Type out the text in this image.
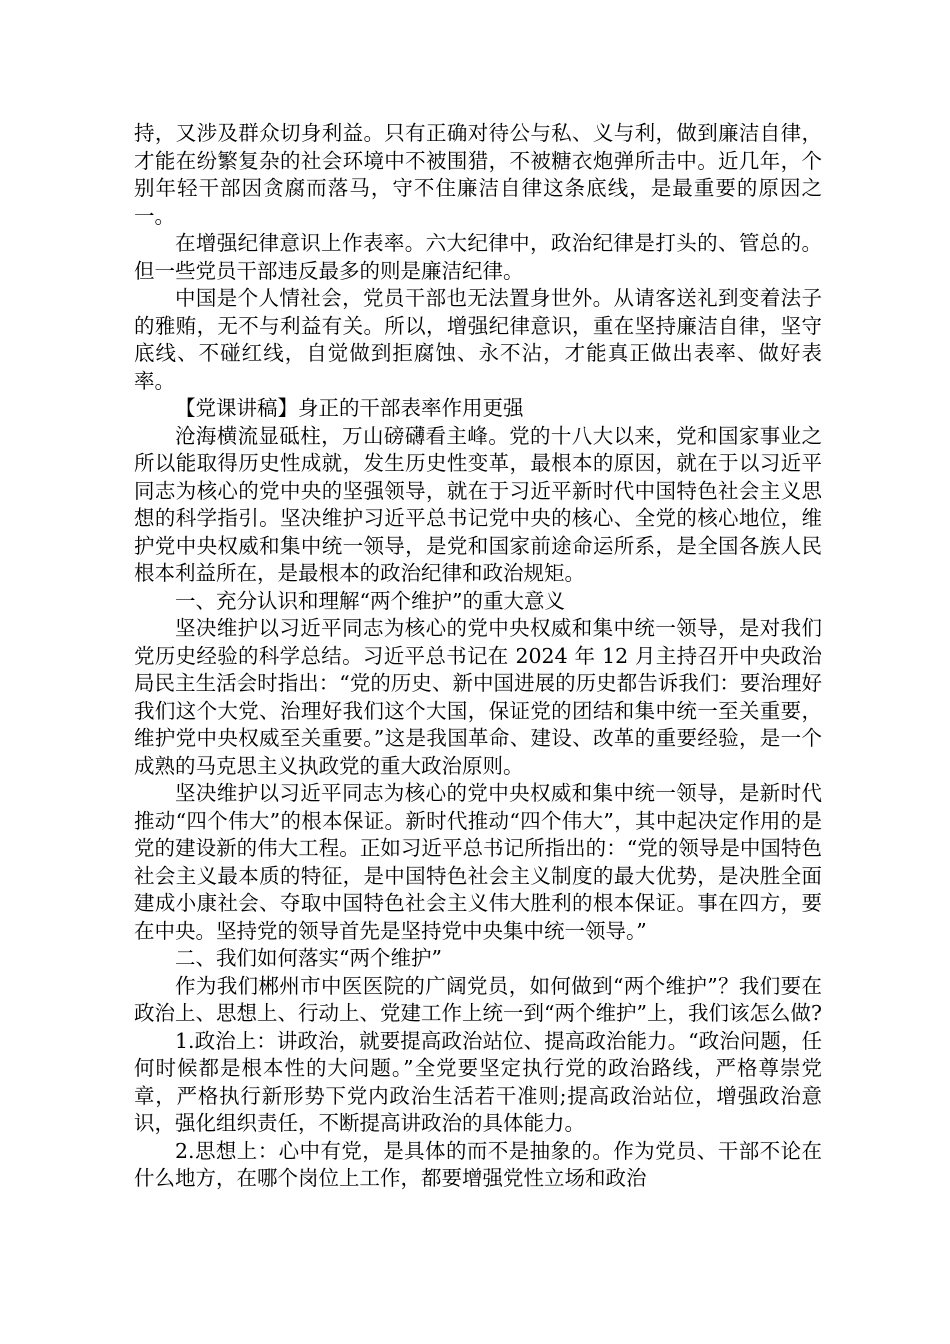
持，又涉及群众切身利益。只有正确对待公与私、义与利，做到廉洁自律，才能在纷繁复杂的社会环境中不被围猎，不被糖衣炮弹所击中。近几年，个别年轻干部因贪腐而落马，守不住廉洁自律这条底线，是最重要的原因之一。

在增强纪律意识上作表率。六大纪律中，政治纪律是打头的、管总的。但一些党员干部违反最多的则是廉洁纪律。

中国是个人情社会，党员干部也无法置身世外。从请客送礼到变着法子的雅贿，无不与利益有关。所以，增强纪律意识，重在坚持廉洁自律，坚守底线、不碰红线，自觉做到拒腐蚀、永不沾，才能真正做出表率、做好表率。

【党课讲稿】身正的干部表率作用更强

沧海横流显砥柱，万山磅礴看主峰。党的十八大以来，党和国家事业之所以能取得历史性成就，发生历史性变革，最根本的原因，就在于以习近平同志为核心的党中央的坚强领导，就在于习近平新时代中国特色社会主义思想的科学指引。坚决维护习近平总书记党中央的核心、全党的核心地位，维护党中央权威和集中统一领导，是党和国家前途命运所系，是全国各族人民根本利益所在，是最根本的政治纪律和政治规矩。

一、充分认识和理解“两个维护”的重大意义

坚决维护以习近平同志为核心的党中央权威和集中统一领导，是对我们党历史经验的科学总结。习近平总书记在 2024 年 12 月主持召开中央政治局民主生活会时指出：“党的历史、新中国进展的历史都告诉我们：要治理好我们这个大党、治理好我们这个大国，保证党的团结和集中统一至关重要，维护党中央权威至关重要。”这是我国革命、建设、改革的重要经验，是一个成熟的马克思主义执政党的重大政治原则。

坚决维护以习近平同志为核心的党中央权威和集中统一领导，是新时代推动“四个伟大”的根本保证。新时代推动“四个伟大”，其中起决定作用的是党的建设新的伟大工程。正如习近平总书记所指出的：“党的领导是中国特色社会主义最本质的特征，是中国特色社会主义制度的最大优势，是决胜全面建成小康社会、夺取中国特色社会主义伟大胜利的根本保证。事在四方，要在中央。坚持党的领导首先是坚持党中央集中统一领导。”

二、我们如何落实“两个维护”

作为我们郴州市中医医院的广阔党员，如何做到“两个维护”？我们要在政治上、思想上、行动上、党建工作上统一到“两个维护”上，我们该怎么做?

1.政治上：讲政治，就要提高政治站位、提高政治能力。“政治问题，任何时候都是根本性的大问题。”全党要坚定执行党的政治路线，严格尊崇党章，严格执行新形势下党内政治生活若干准则;提高政治站位，增强政治意识，强化组织责任，不断提高讲政治的具体能力。

2.思想上：心中有党，是具体的而不是抽象的。作为党员、干部不论在什么地方，在哪个岗位上工作，都要增强党性立场和政治
